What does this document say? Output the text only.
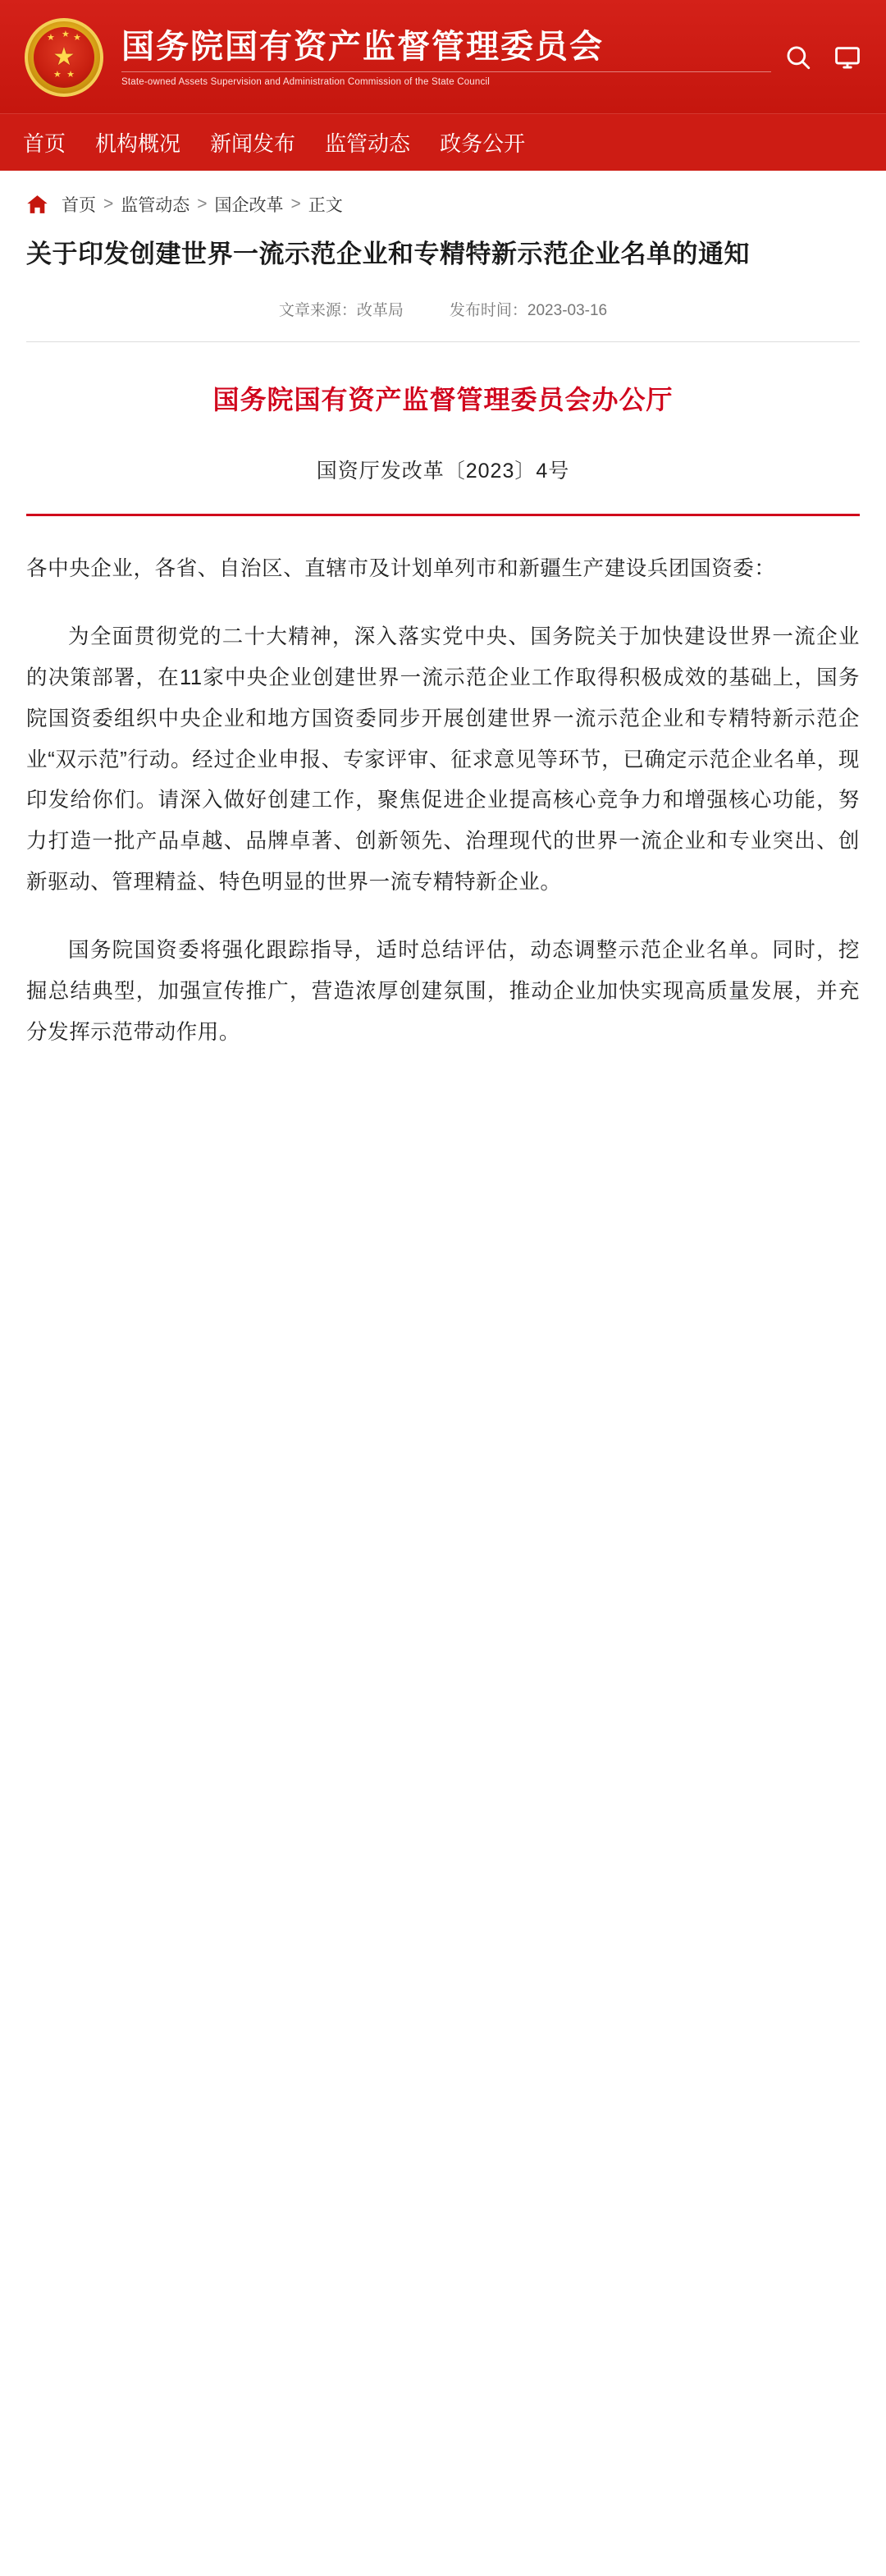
★
★ ★ ★
★ ★
国务院国有资产监督管理委员会
State-owned Assets Supervision and Administration Commission of the State Council
首页 机构概况 新闻发布 监管动态 政务公开
首页 > 监管动态 > 国企改革 > 正文
关于印发创建世界一流示范企业和专精特新示范企业名单的通知
文章来源：改革局	发布时间：2023-03-16
国务院国有资产监督管理委员会办公厅
国资厅发改革〔2023〕4号
各中央企业，各省、自治区、直辖市及计划单列市和新疆生产建设兵团国资委：

为全面贯彻党的二十大精神，深入落实党中央、国务院关于加快建设世界一流企业的决策部署，在11家中央企业创建世界一流示范企业工作取得积极成效的基础上，国务院国资委组织中央企业和地方国资委同步开展创建世界一流示范企业和专精特新示范企业“双示范”行动。经过企业申报、专家评审、征求意见等环节，已确定示范企业名单，现印发给你们。请深入做好创建工作，聚焦促进企业提高核心竞争力和增强核心功能，努力打造一批产品卓越、品牌卓著、创新领先、治理现代的世界一流企业和专业突出、创新驱动、管理精益、特色明显的世界一流专精特新企业。

国务院国资委将强化跟踪指导，适时总结评估，动态调整示范企业名单。同时，挖掘总结典型，加强宣传推广，营造浓厚创建氛围，推动企业加快实现高质量发展，并充分发挥示范带动作用。
